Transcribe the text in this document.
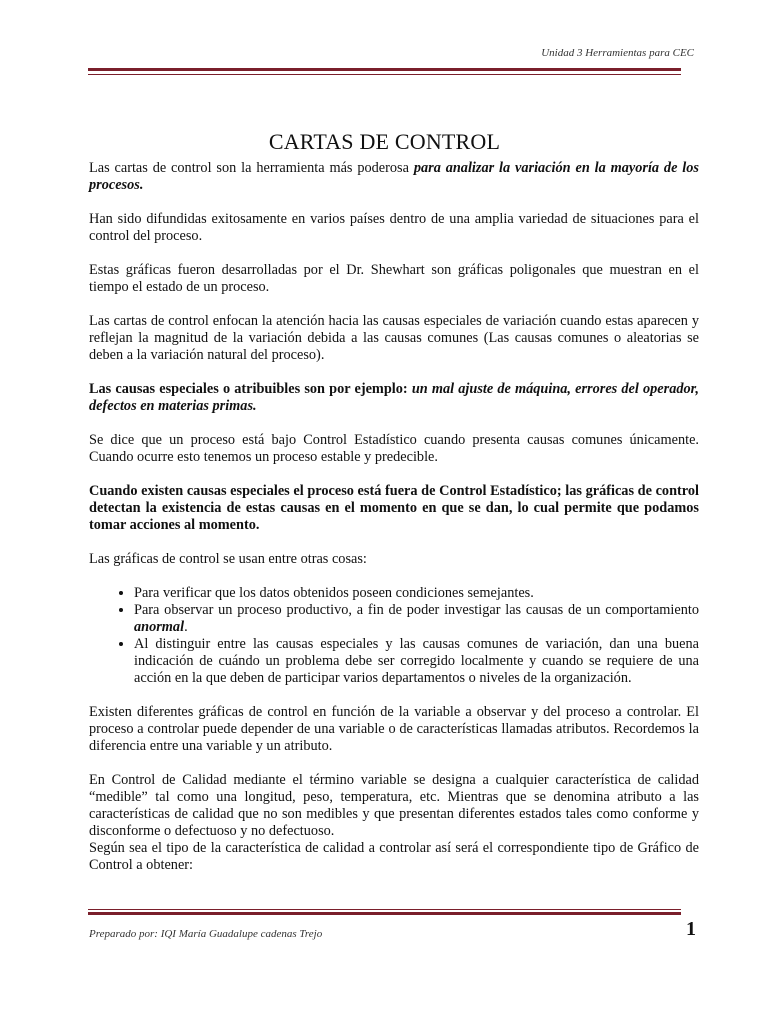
Unidad 3 Herramientas para CEC
CARTAS DE CONTROL

Las cartas de control son la herramienta más poderosa para analizar la variación en la mayoría de los procesos.

Han sido difundidas exitosamente en varios países dentro de una amplia variedad de situaciones para el control del proceso.

Estas gráficas fueron desarrolladas por el Dr. Shewhart son gráficas poligonales que muestran en el tiempo el estado de un proceso.

Las cartas de control enfocan la atención hacia las causas especiales de variación cuando estas aparecen y reflejan la magnitud de la variación debida a las causas comunes (Las causas comunes o aleatorias se deben a la variación natural del proceso).

Las causas especiales o atribuibles son por ejemplo: un mal ajuste de máquina, errores del operador, defectos en materias primas.

Se dice que un proceso está bajo Control Estadístico cuando presenta causas comunes únicamente. Cuando ocurre esto tenemos un proceso estable y predecible.

Cuando existen causas especiales el proceso está fuera de Control Estadístico; las gráficas de control detectan la existencia de estas causas en el momento en que se dan, lo cual permite que podamos tomar acciones al momento.

Las gráficas de control se usan entre otras cosas:

• Para verificar que los datos obtenidos poseen condiciones semejantes.
• Para observar un proceso productivo, a fin de poder investigar las causas de un comportamiento anormal.
• Al distinguir entre las causas especiales y las causas comunes de variación, dan una buena indicación de cuándo un problema debe ser corregido localmente y cuando se requiere de una acción en la que deben de participar varios departamentos o niveles de la organización.

Existen diferentes gráficas de control en función de la variable a observar y del proceso a controlar. El proceso a controlar puede depender de una variable o de características llamadas atributos. Recordemos la diferencia entre una variable y un atributo.

En Control de Calidad mediante el término variable se designa a cualquier característica de calidad “medible” tal como una longitud, peso, temperatura, etc. Mientras que se denomina atributo a las características de calidad que no son medibles y que presentan diferentes estados tales como conforme y disconforme o defectuoso y no defectuoso.

Según sea el tipo de la característica de calidad a controlar así será el correspondiente tipo de Gráfico de Control a obtener:

Preparado por: IQI María Guadalupe cadenas Trejo	1
